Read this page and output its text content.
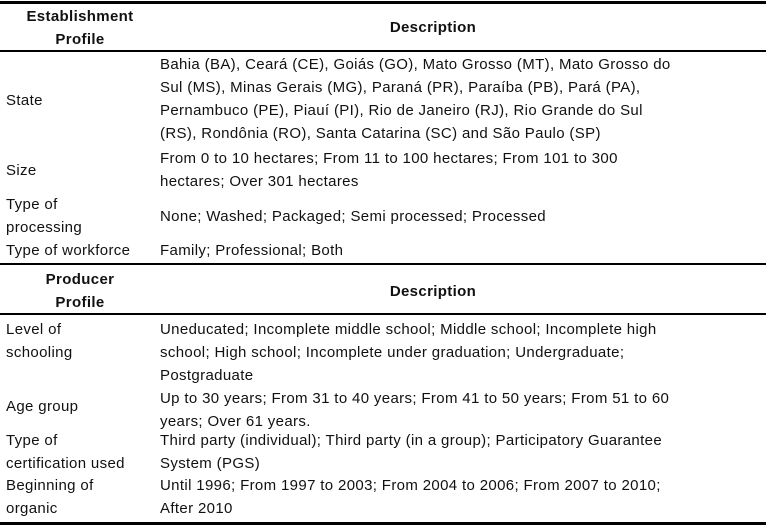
Establishment
Profile
Description
State
Bahia (BA), Ceará (CE), Goiás (GO), Mato Grosso (MT), Mato Grosso do
Sul (MS), Minas Gerais (MG), Paraná (PR), Paraíba (PB), Pará (PA),
Pernambuco (PE), Piauí (PI), Rio de Janeiro (RJ), Rio Grande do Sul
(RS), Rondônia (RO), Santa Catarina (SC) and São Paulo (SP)
Size
From 0 to 10 hectares; From 11 to 100 hectares; From 101 to 300
hectares; Over 301 hectares
Type of
processing
None; Washed; Packaged; Semi processed; Processed
Type of workforce Family; Professional; Both
Producer
Profile
Description
Level of
schooling
Uneducated; Incomplete middle school; Middle school; Incomplete high
school; High school; Incomplete under graduation; Undergraduate;
Postgraduate
Age group	Up to 30 years; From 31 to 40 years; From 41 to 50 years; From 51 to 60
years; Over 61 years.
Type of
certification used
Third party (individual); Third party (in a group); Participatory Guarantee
System (PGS)
Beginning of
organic
Until 1996; From 1997 to 2003; From 2004 to 2006; From 2007 to 2010;
After 2010
